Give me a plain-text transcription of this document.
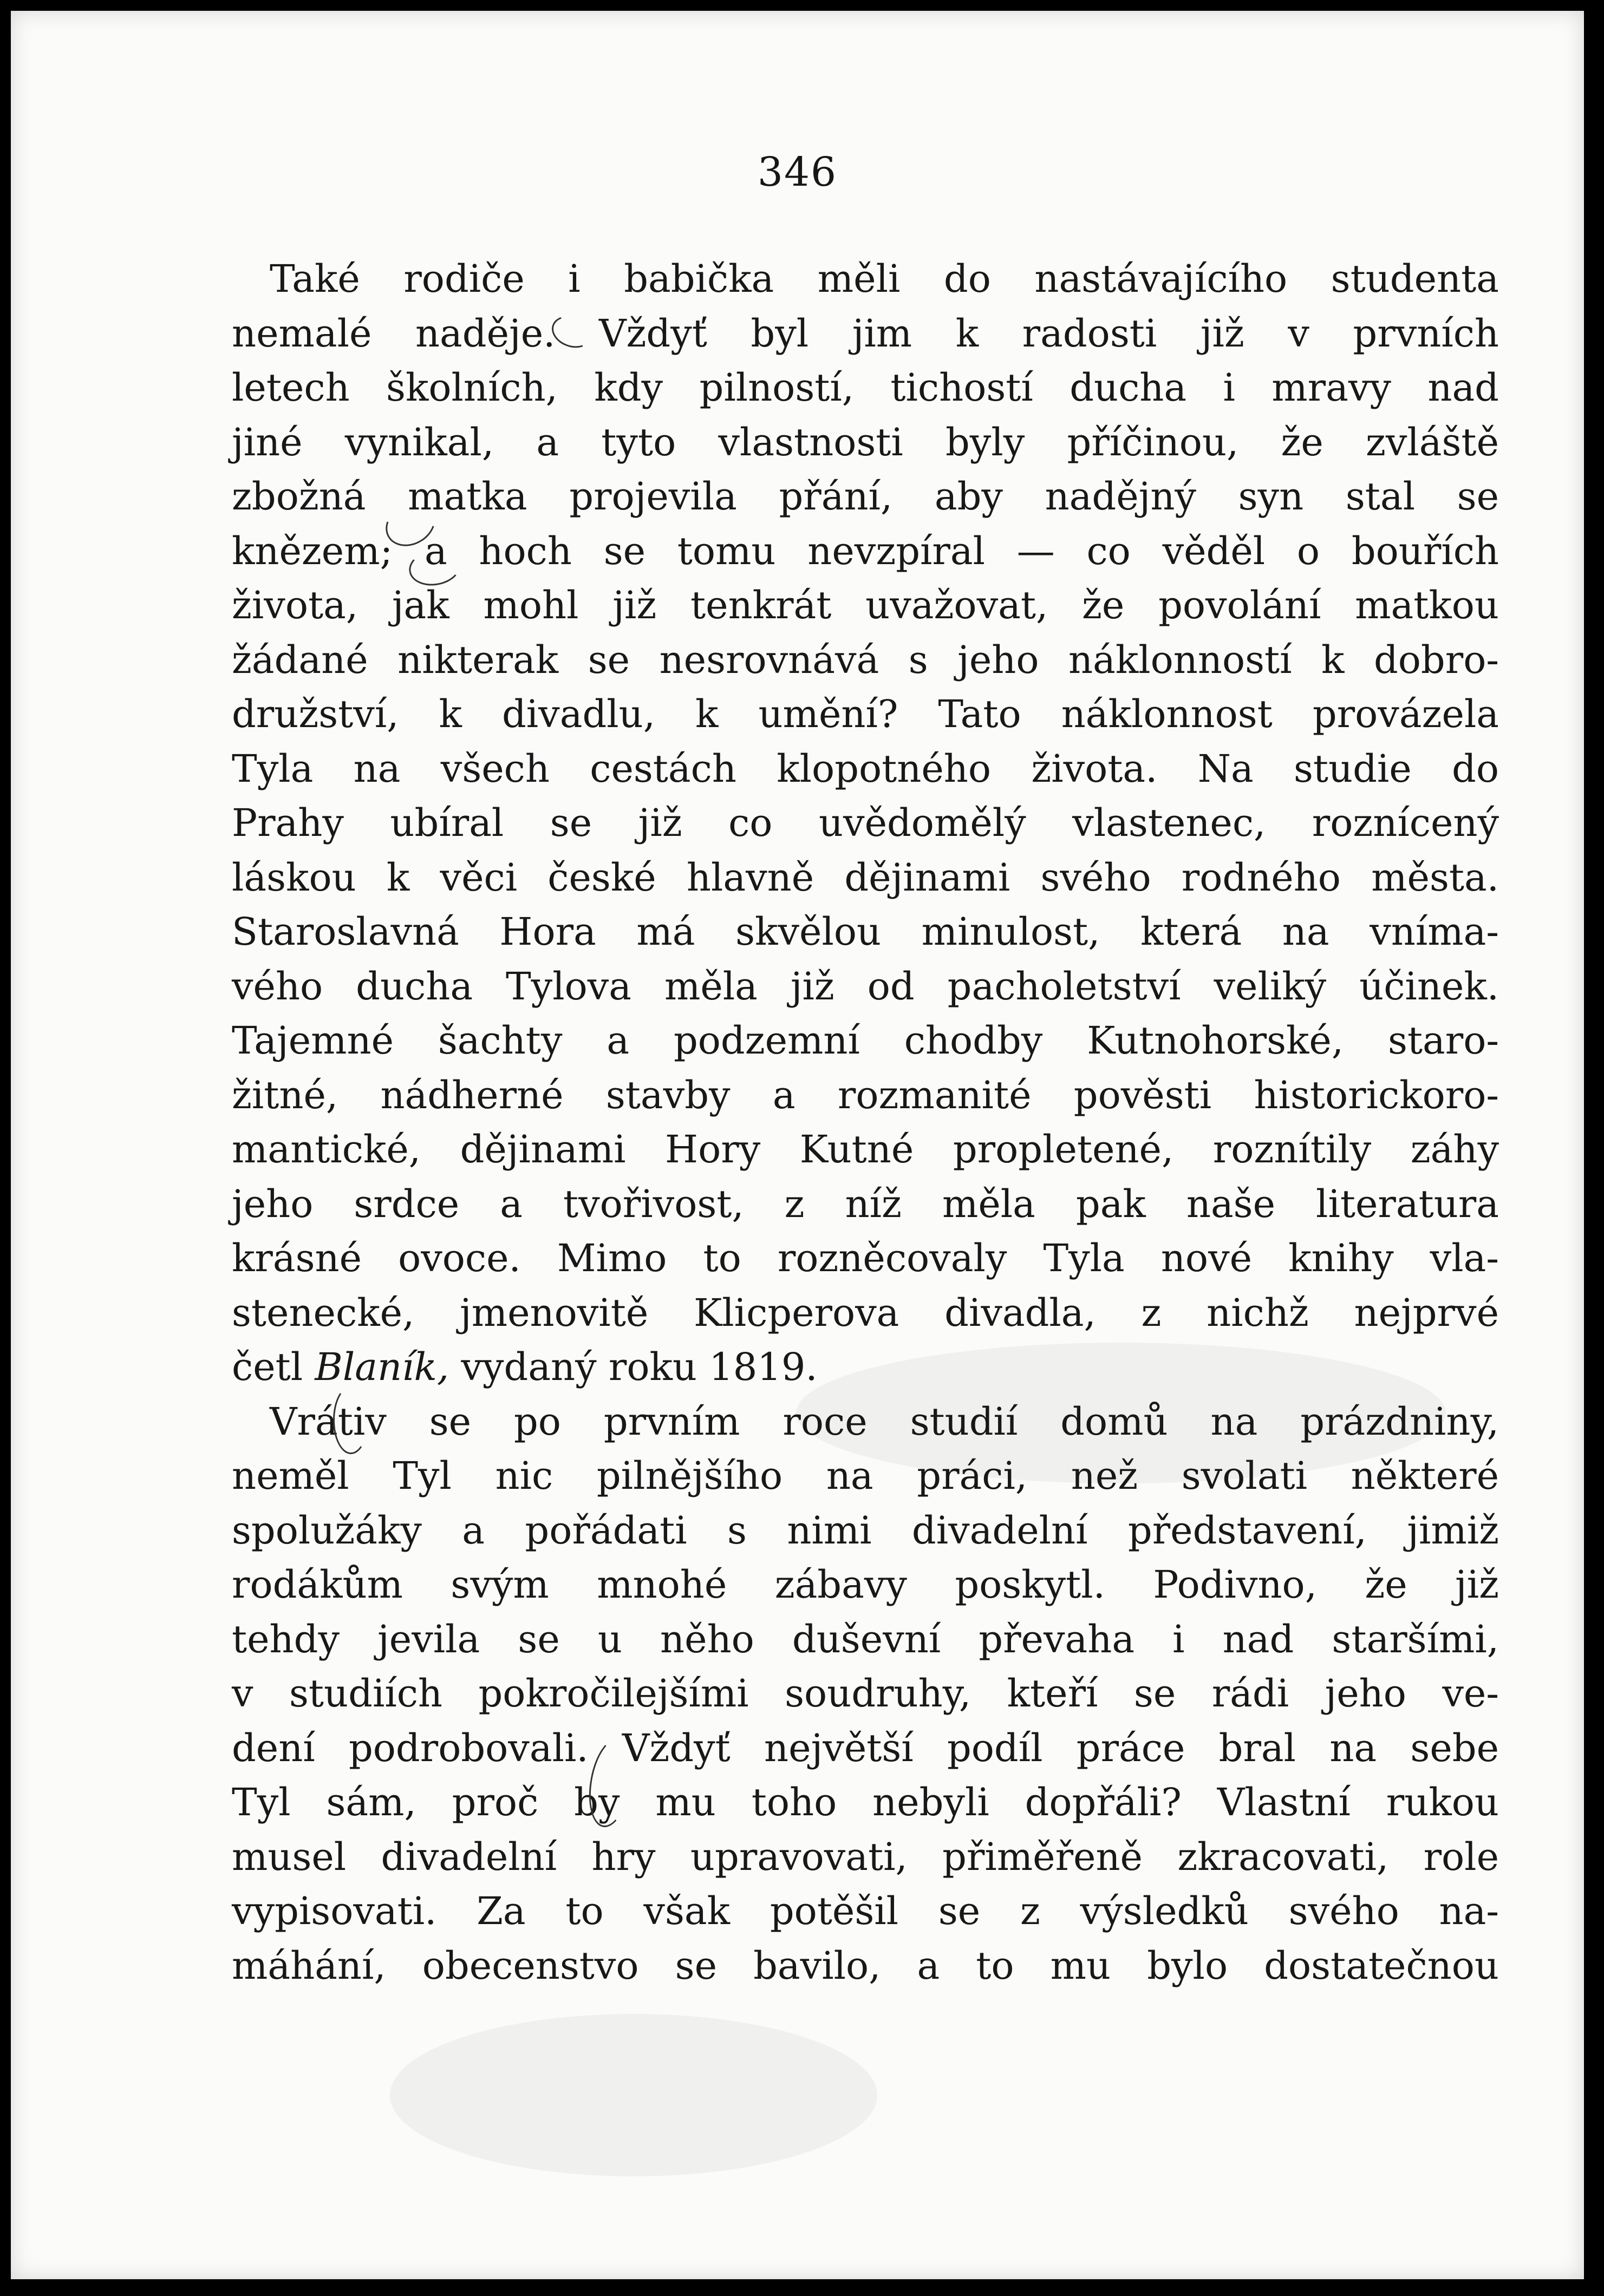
346
Také rodiče i babička měli do nastávajícího studenta
nemalé naděje. Vždyť byl jim k radosti již v prvních
letech školních, kdy pilností, tichostí ducha i mravy nad
jiné vynikal, a tyto vlastnosti byly příčinou, že zvláště
zbožná matka projevila přání, aby nadějný syn stal se
knězem; a hoch se tomu nevzpíral — co věděl o bouřích
života, jak mohl již tenkrát uvažovat, že povolání matkou
žádané nikterak se nesrovnává s jeho náklonností k dobro-
družství, k divadlu, k umění? Tato náklonnost provázela
Tyla na všech cestách klopotného života. Na studie do
Prahy ubíral se již co uvědomělý vlastenec, roznícený
láskou k věci české hlavně dějinami svého rodného města.
Staroslavná Hora má skvělou minulost, která na vníma-
vého ducha Tylova měla již od pacholetství veliký účinek.
Tajemné šachty a podzemní chodby Kutnohorské, staro-
žitné, nádherné stavby a rozmanité pověsti historickoro-
mantické, dějinami Hory Kutné propletené, roznítily záhy
jeho srdce a tvořivost, z níž měla pak naše literatura
krásné ovoce. Mimo to rozněcovaly Tyla nové knihy vla-
stenecké, jmenovitě Klicperova divadla, z nichž nejprvé
četl Blaník, vydaný roku 1819.
Vrátiv se po prvním roce studií domů na prázdniny,
neměl Tyl nic pilnějšího na práci, než svolati některé
spolužáky a pořádati s nimi divadelní představení, jimiž
rodákům svým mnohé zábavy poskytl. Podivno, že již
tehdy jevila se u něho duševní převaha i nad staršími,
v studiích pokročilejšími soudruhy, kteří se rádi jeho ve-
dení podrobovali. Vždyť největší podíl práce bral na sebe
Tyl sám, proč by mu toho nebyli dopřáli? Vlastní rukou
musel divadelní hry upravovati, přiměřeně zkracovati, role
vypisovati. Za to však potěšil se z výsledků svého na-
máhání, obecenstvo se bavilo, a to mu bylo dostatečnou
